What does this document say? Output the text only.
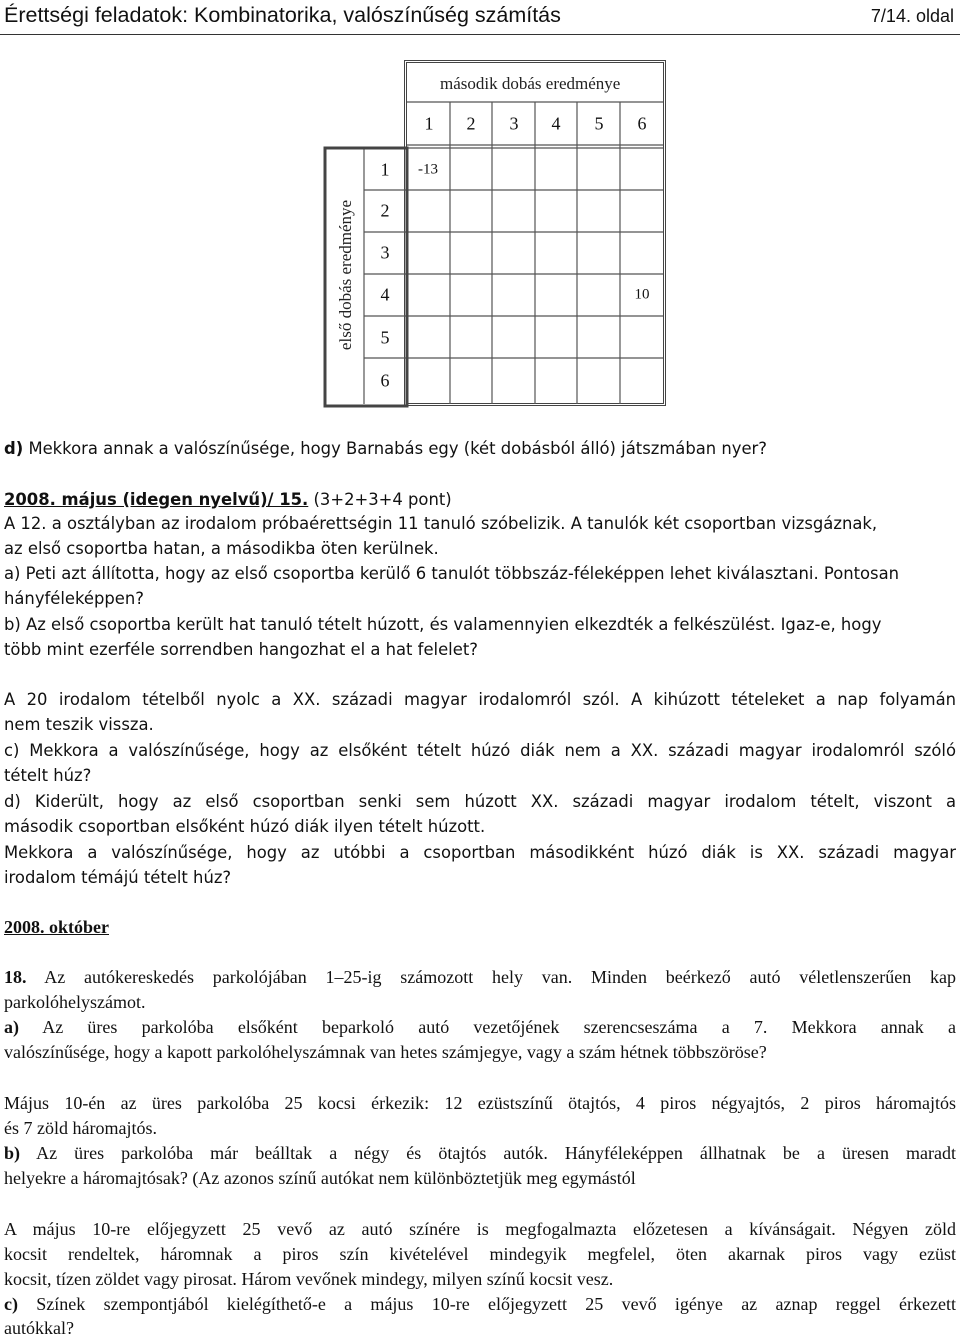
Érettségi feladatok: Kombinatorika, valószínűség számítás	7/14. oldal
második dobás eredménye
első dobás eredménye
1 2 3 4 5 6
1
2
3
4
5
6
-13
10
d) Mekkora annak a valószínűsége, hogy Barnabás egy (két dobásból álló) játszmában nyer?
2008. május (idegen nyelvű)/ 15. (3+2+3+4 pont)
A 12. a osztályban az irodalom próbaérettségin 11 tanuló szóbelizik. A tanulók két csoportban vizsgáznak,
az első csoportba hatan, a másodikba öten kerülnek.
a) Peti azt állította, hogy az első csoportba kerülő 6 tanulót többszáz-féleképpen lehet kiválasztani. Pontosan
hányféleképpen?
b) Az első csoportba került hat tanuló tételt húzott, és valamennyien elkezdték a felkészülést. Igaz-e, hogy
több mint ezerféle sorrendben hangozhat el a hat felelet?
A 20 irodalom tételből nyolc a XX. századi magyar irodalomról szól. A kihúzott tételeket a nap folyamán
nem teszik vissza.
c) Mekkora a valószínűsége, hogy az elsőként tételt húzó diák nem a XX. századi magyar irodalomról szóló
tételt húz?
d) Kiderült, hogy az első csoportban senki sem húzott XX. századi magyar irodalom tételt, viszont a
második csoportban elsőként húzó diák ilyen tételt húzott.
Mekkora a valószínűsége, hogy az utóbbi a csoportban másodikként húzó diák is XX. századi magyar
irodalom témájú tételt húz?
2008. október
18. Az autókereskedés parkolójában 1–25-ig számozott hely van. Minden beérkező autó véletlenszerűen kap
parkolóhelyszámot.
a) Az üres parkolóba elsőként beparkoló autó vezetőjének szerencseszáma a 7. Mekkora annak a
valószínűsége, hogy a kapott parkolóhelyszámnak van hetes számjegye, vagy a szám hétnek többszöröse?
Május 10-én az üres parkolóba 25 kocsi érkezik: 12 ezüstszínű ötajtós, 4 piros négyajtós, 2 piros háromajtós
és 7 zöld háromajtós.
b) Az üres parkolóba már beálltak a négy és ötajtós autók. Hányféleképpen állhatnak be a üresen maradt
helyekre a háromajtósak? (Az azonos színű autókat nem különböztetjük meg egymástól
A május 10-re előjegyzett 25 vevő az autó színére is megfogalmazta előzetesen a kívánságait. Négyen zöld
kocsit rendeltek, háromnak a piros szín kivételével mindegyik megfelel, öten akarnak piros vagy ezüst
kocsit, tízen zöldet vagy pirosat. Három vevőnek mindegy, milyen színű kocsit vesz.
c) Színek szempontjából kielégíthető-e a május 10-re előjegyzett 25 vevő igénye az aznap reggel érkezett
autókkal?
